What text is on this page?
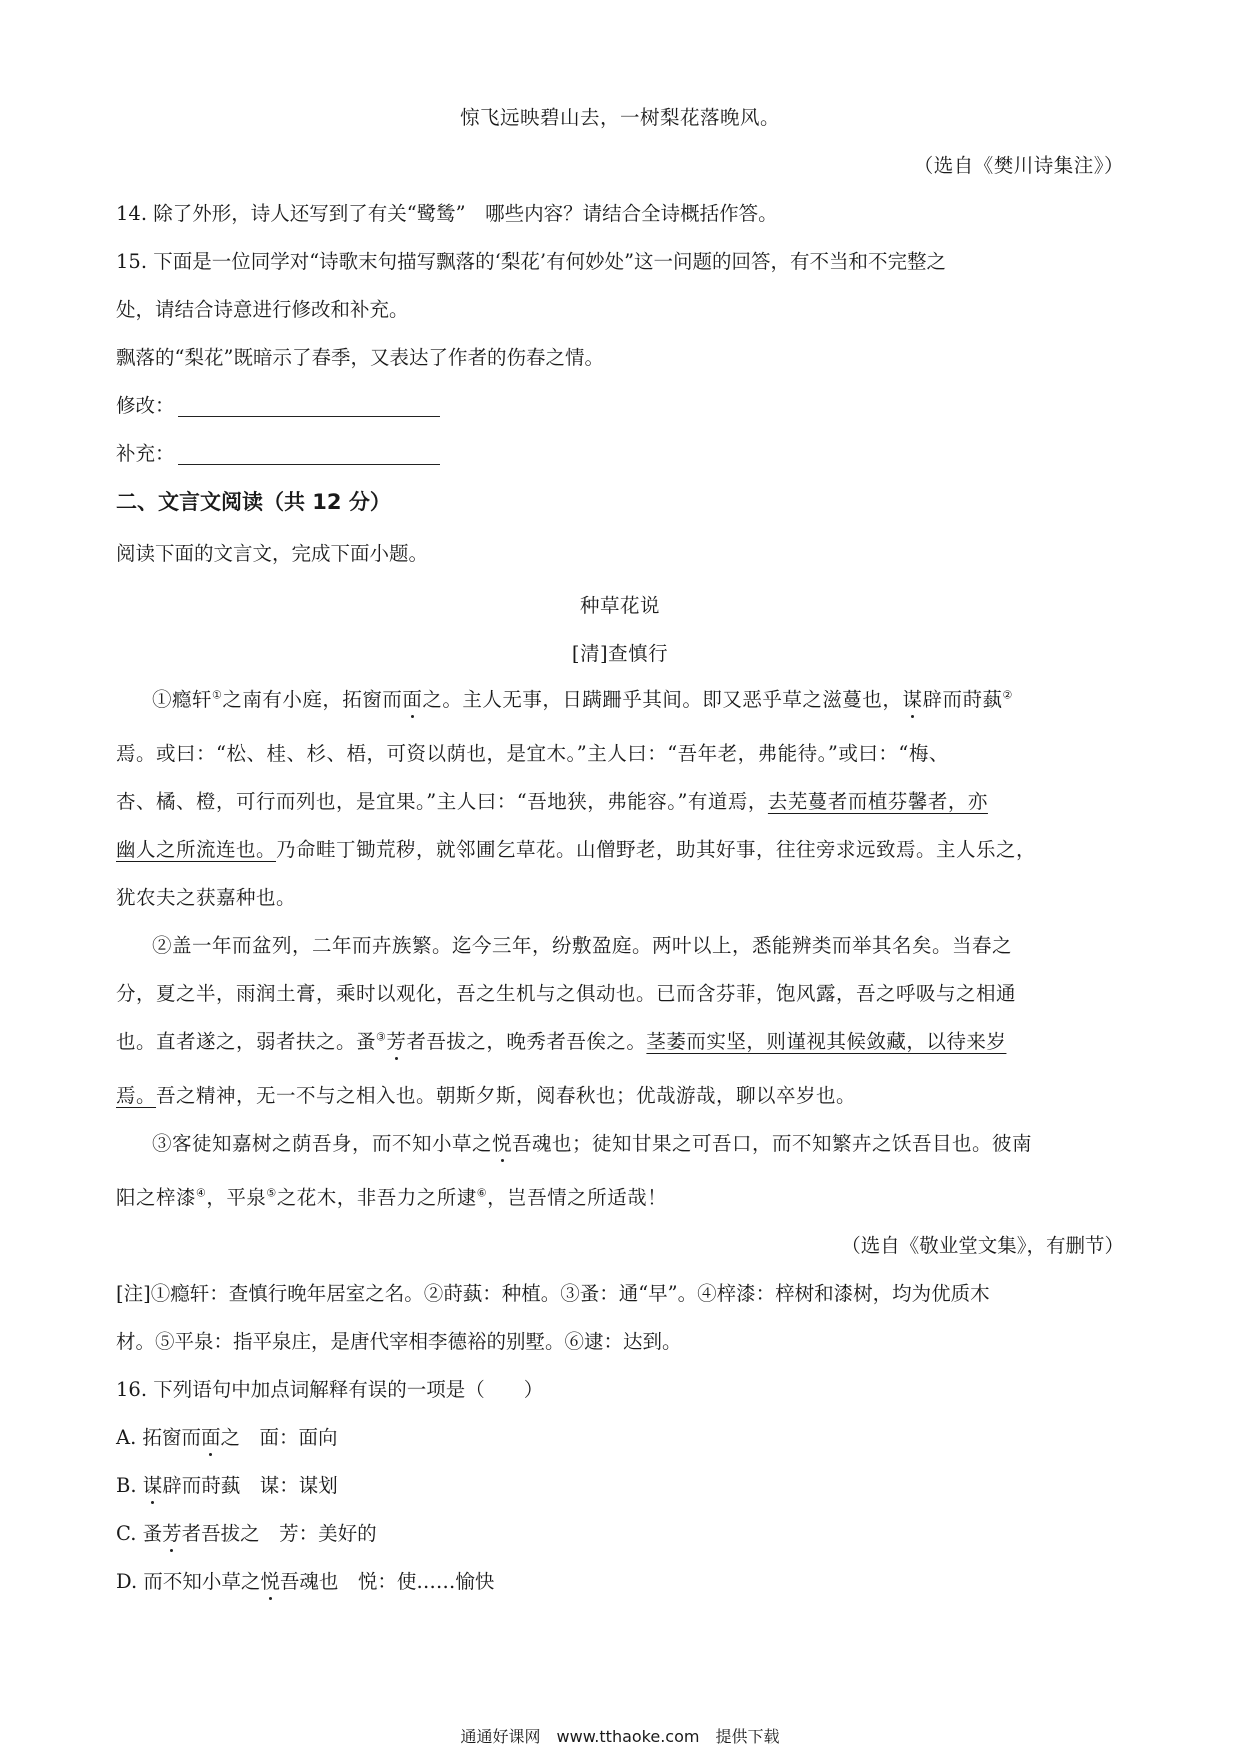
惊飞远映碧山去，一树梨花落晚风。
（选自《樊川诗集注》）
14. 除了外形，诗人还写到了有关“鹭鸶”　哪些内容？请结合全诗概括作答。
15. 下面是一位同学对“诗歌末句描写飘落的‘梨花’有何妙处”这一问题的回答，有不当和不完整之
处，请结合诗意进行修改和补充。
飘落的“梨花”既暗示了春季，又表达了作者的伤春之情。
修改：
补充：
二、文言文阅读（共 12 分）
阅读下面的文言文，完成下面小题。
种草花说
[清]查慎行
①瘾轩①之南有小庭，拓窗而面之。主人无事，日蹒跚乎其间。即又恶乎草之滋蔓也，谋辟而莳蓺②
焉。或曰：“松、桂、杉、梧，可资以荫也，是宜木。”主人曰：“吾年老，弗能待。”或曰：“梅、
杏、橘、橙，可行而列也，是宜果。”主人曰：“吾地狭，弗能容。”有道焉，去芜蔓者而植芬馨者，亦
幽人之所流连也。乃命畦丁锄荒秽，就邻圃乞草花。山僧野老，助其好事，往往旁求远致焉。主人乐之，
犹农夫之获嘉种也。
②盖一年而盆列，二年而卉族繁。迄今三年，纷敷盈庭。两叶以上，悉能辨类而举其名矣。当春之
分，夏之半，雨润土膏，乘时以观化，吾之生机与之俱动也。已而含芬菲，饱风露，吾之呼吸与之相通
也。直者遂之，弱者扶之。蚤③芳者吾拔之，晚秀者吾俟之。茎萎而实坚，则谨视其候敛藏，以待来岁
焉。吾之精神，无一不与之相入也。朝斯夕斯，阅春秋也；优哉游哉，聊以卒岁也。
③客徒知嘉树之荫吾身，而不知小草之悦吾魂也；徒知甘果之可吾口，而不知繁卉之饫吾目也。彼南
阳之梓漆④，平泉⑤之花木，非吾力之所逮⑥，岂吾情之所适哉！
（选自《敬业堂文集》，有删节）
[注]①瘾轩：查慎行晚年居室之名。②莳蓺：种植。③蚤：通“早”。④梓漆：梓树和漆树，均为优质木
材。⑤平泉：指平泉庄，是唐代宰相李德裕的别墅。⑥逮：达到。
16. 下列语句中加点词解释有误的一项是（　　）
A. 拓窗而面之　面：面向
B. 谋辟而莳蓺　谋：谋划
C. 蚤芳者吾拔之　芳：美好的
D. 而不知小草之悦吾魂也　悦：使……愉快
通通好课网　www.tthaoke.com　提供下载
